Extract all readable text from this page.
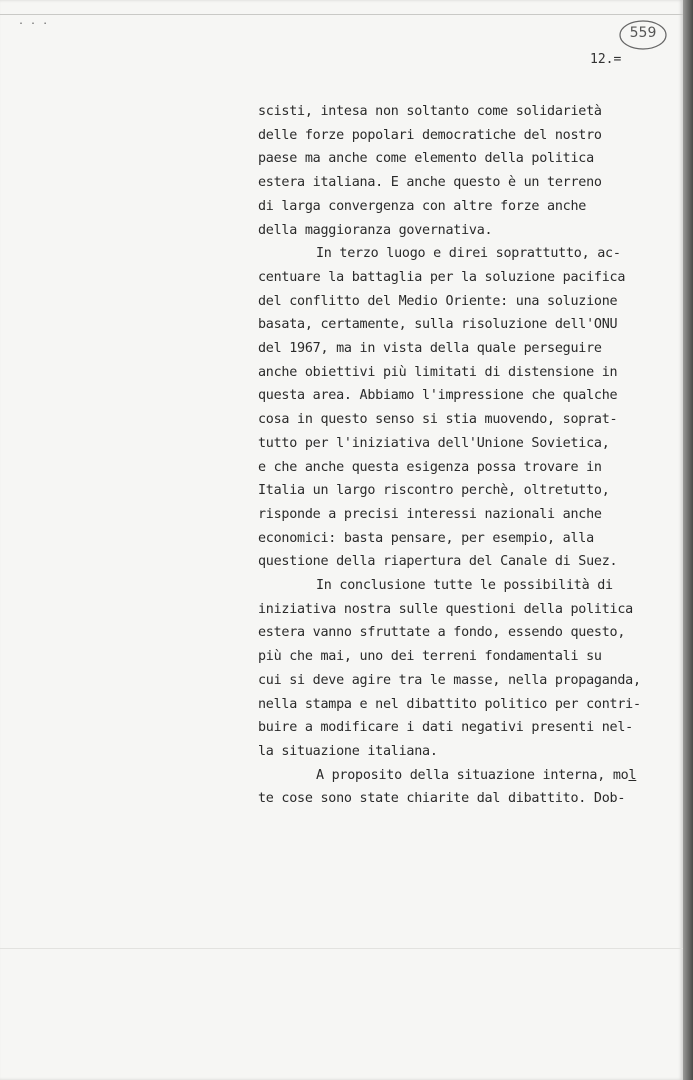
. . .
559
12.=
scisti, intesa non soltanto come solidarietà
delle forze popolari democratiche del nostro
paese ma anche come elemento della politica
estera italiana. E anche questo è un terreno
di larga convergenza con altre forze anche
della maggioranza governativa.
In terzo luogo e direi soprattutto, ac-
centuare la battaglia per la soluzione pacifica
del conflitto del Medio Oriente: una soluzione
basata, certamente, sulla risoluzione dell'ONU
del 1967, ma in vista della quale perseguire
anche obiettivi più limitati di distensione in
questa area. Abbiamo l'impressione che qualche
cosa in questo senso si stia muovendo, soprat-
tutto per l'iniziativa dell'Unione Sovietica,
e che anche questa esigenza possa trovare in
Italia un largo riscontro perchè, oltretutto,
risponde a precisi interessi nazionali anche
economici: basta pensare, per esempio, alla
questione della riapertura del Canale di Suez.
In conclusione tutte le possibilità di
iniziativa nostra sulle questioni della politica
estera vanno sfruttate a fondo, essendo questo,
più che mai, uno dei terreni fondamentali su
cui si deve agire tra le masse, nella propaganda,
nella stampa e nel dibattito politico per contri-
buire a modificare i dati negativi presenti nel-
la situazione italiana.
A proposito della situazione interna, mol
te cose sono state chiarite dal dibattito. Dob-
